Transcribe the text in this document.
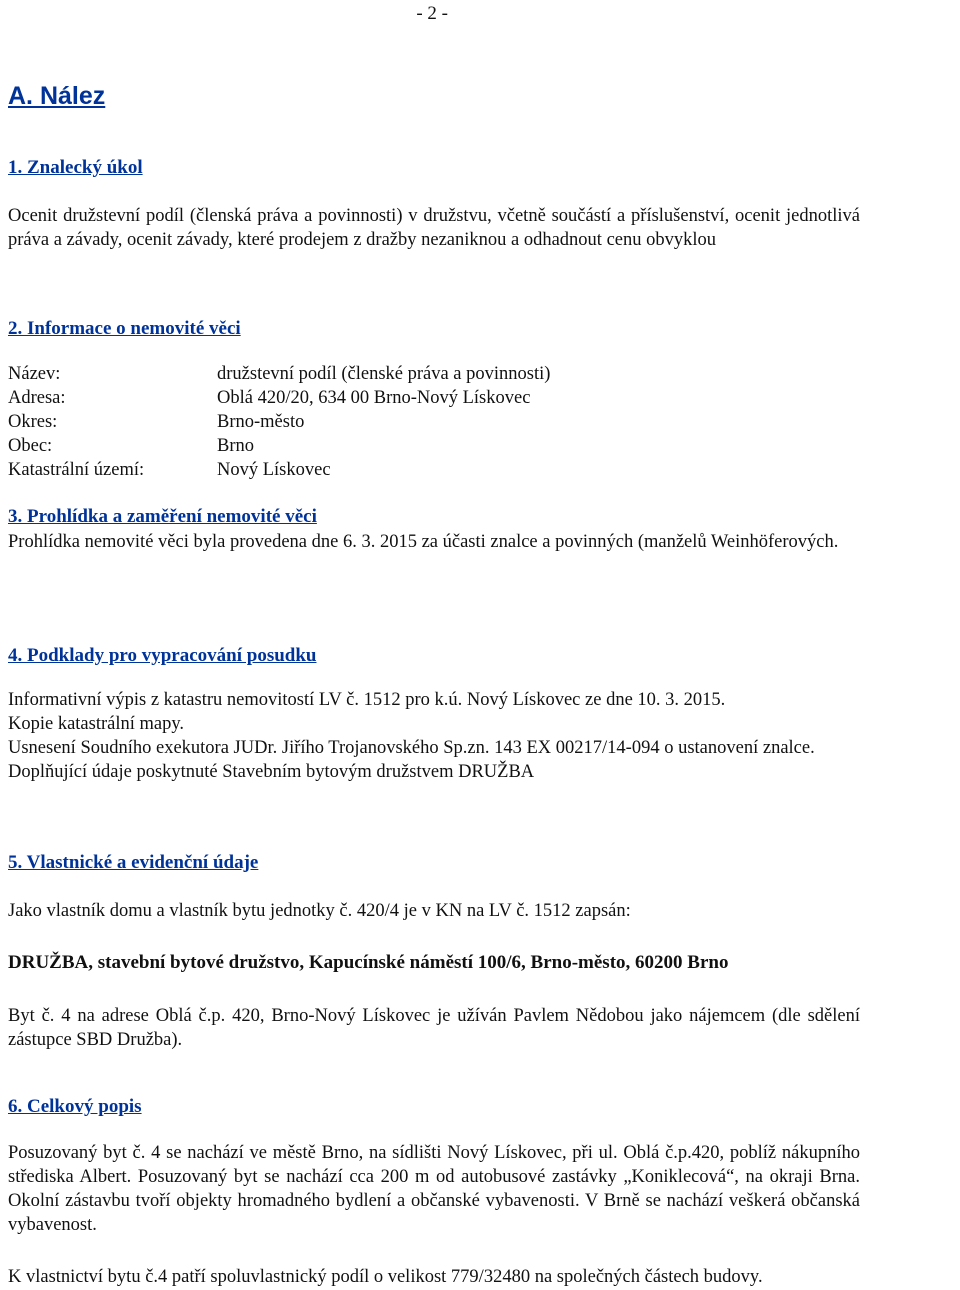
- 2 -
A. Nález
1. Znalecký úkol

Ocenit družstevní podíl (členská práva a povinnosti) v družstvu, včetně součástí a příslušenství, ocenit jednotlivá práva a závady, ocenit závady, které prodejem z dražby nezaniknou a odhadnout cenu obvyklou

2. Informace o nemovité věci
Název:	družstevní podíl (členské práva a povinnosti)
Adresa:	Oblá 420/20, 634 00 Brno-Nový Lískovec
Okres:	Brno-město
Obec:	Brno
Katastrální území:	Nový Lískovec
3. Prohlídka a zaměření nemovité věci

Prohlídka nemovité věci byla provedena dne 6. 3. 2015 za účasti znalce a povinných (manželů Weinhöferových.

4. Podklady pro vypracování posudku

Informativní výpis z katastru nemovitostí LV č. 1512 pro k.ú. Nový Lískovec ze dne 10. 3. 2015.

Kopie katastrální mapy.

Usnesení Soudního exekutora JUDr. Jiřího Trojanovského Sp.zn. 143 EX 00217/14-094 o ustanovení znalce.

Doplňující údaje poskytnuté Stavebním bytovým družstvem DRUŽBA

5. Vlastnické a evidenční údaje

Jako vlastník domu a vlastník bytu jednotky č. 420/4 je v KN na LV č. 1512 zapsán:

DRUŽBA, stavební bytové družstvo, Kapucínské náměstí 100/6, Brno-město, 60200 Brno

Byt č. 4 na adrese Oblá č.p. 420, Brno-Nový Lískovec je užíván Pavlem Nědobou jako nájemcem (dle sdělení zástupce SBD Družba).

6. Celkový popis

Posuzovaný byt č. 4 se nachází ve městě Brno, na sídlišti Nový Lískovec, při ul. Oblá č.p.420, poblíž nákupního střediska Albert. Posuzovaný byt se nachází cca 200 m od autobusové zastávky „Koniklecová“, na okraji Brna. Okolní zástavbu tvoří objekty hromadného bydlení a občanské vybavenosti. V Brně se nachází veškerá občanská vybavenost.

K vlastnictví bytu č.4 patří spoluvlastnický podíl o velikost 779/32480 na společných částech budovy.
